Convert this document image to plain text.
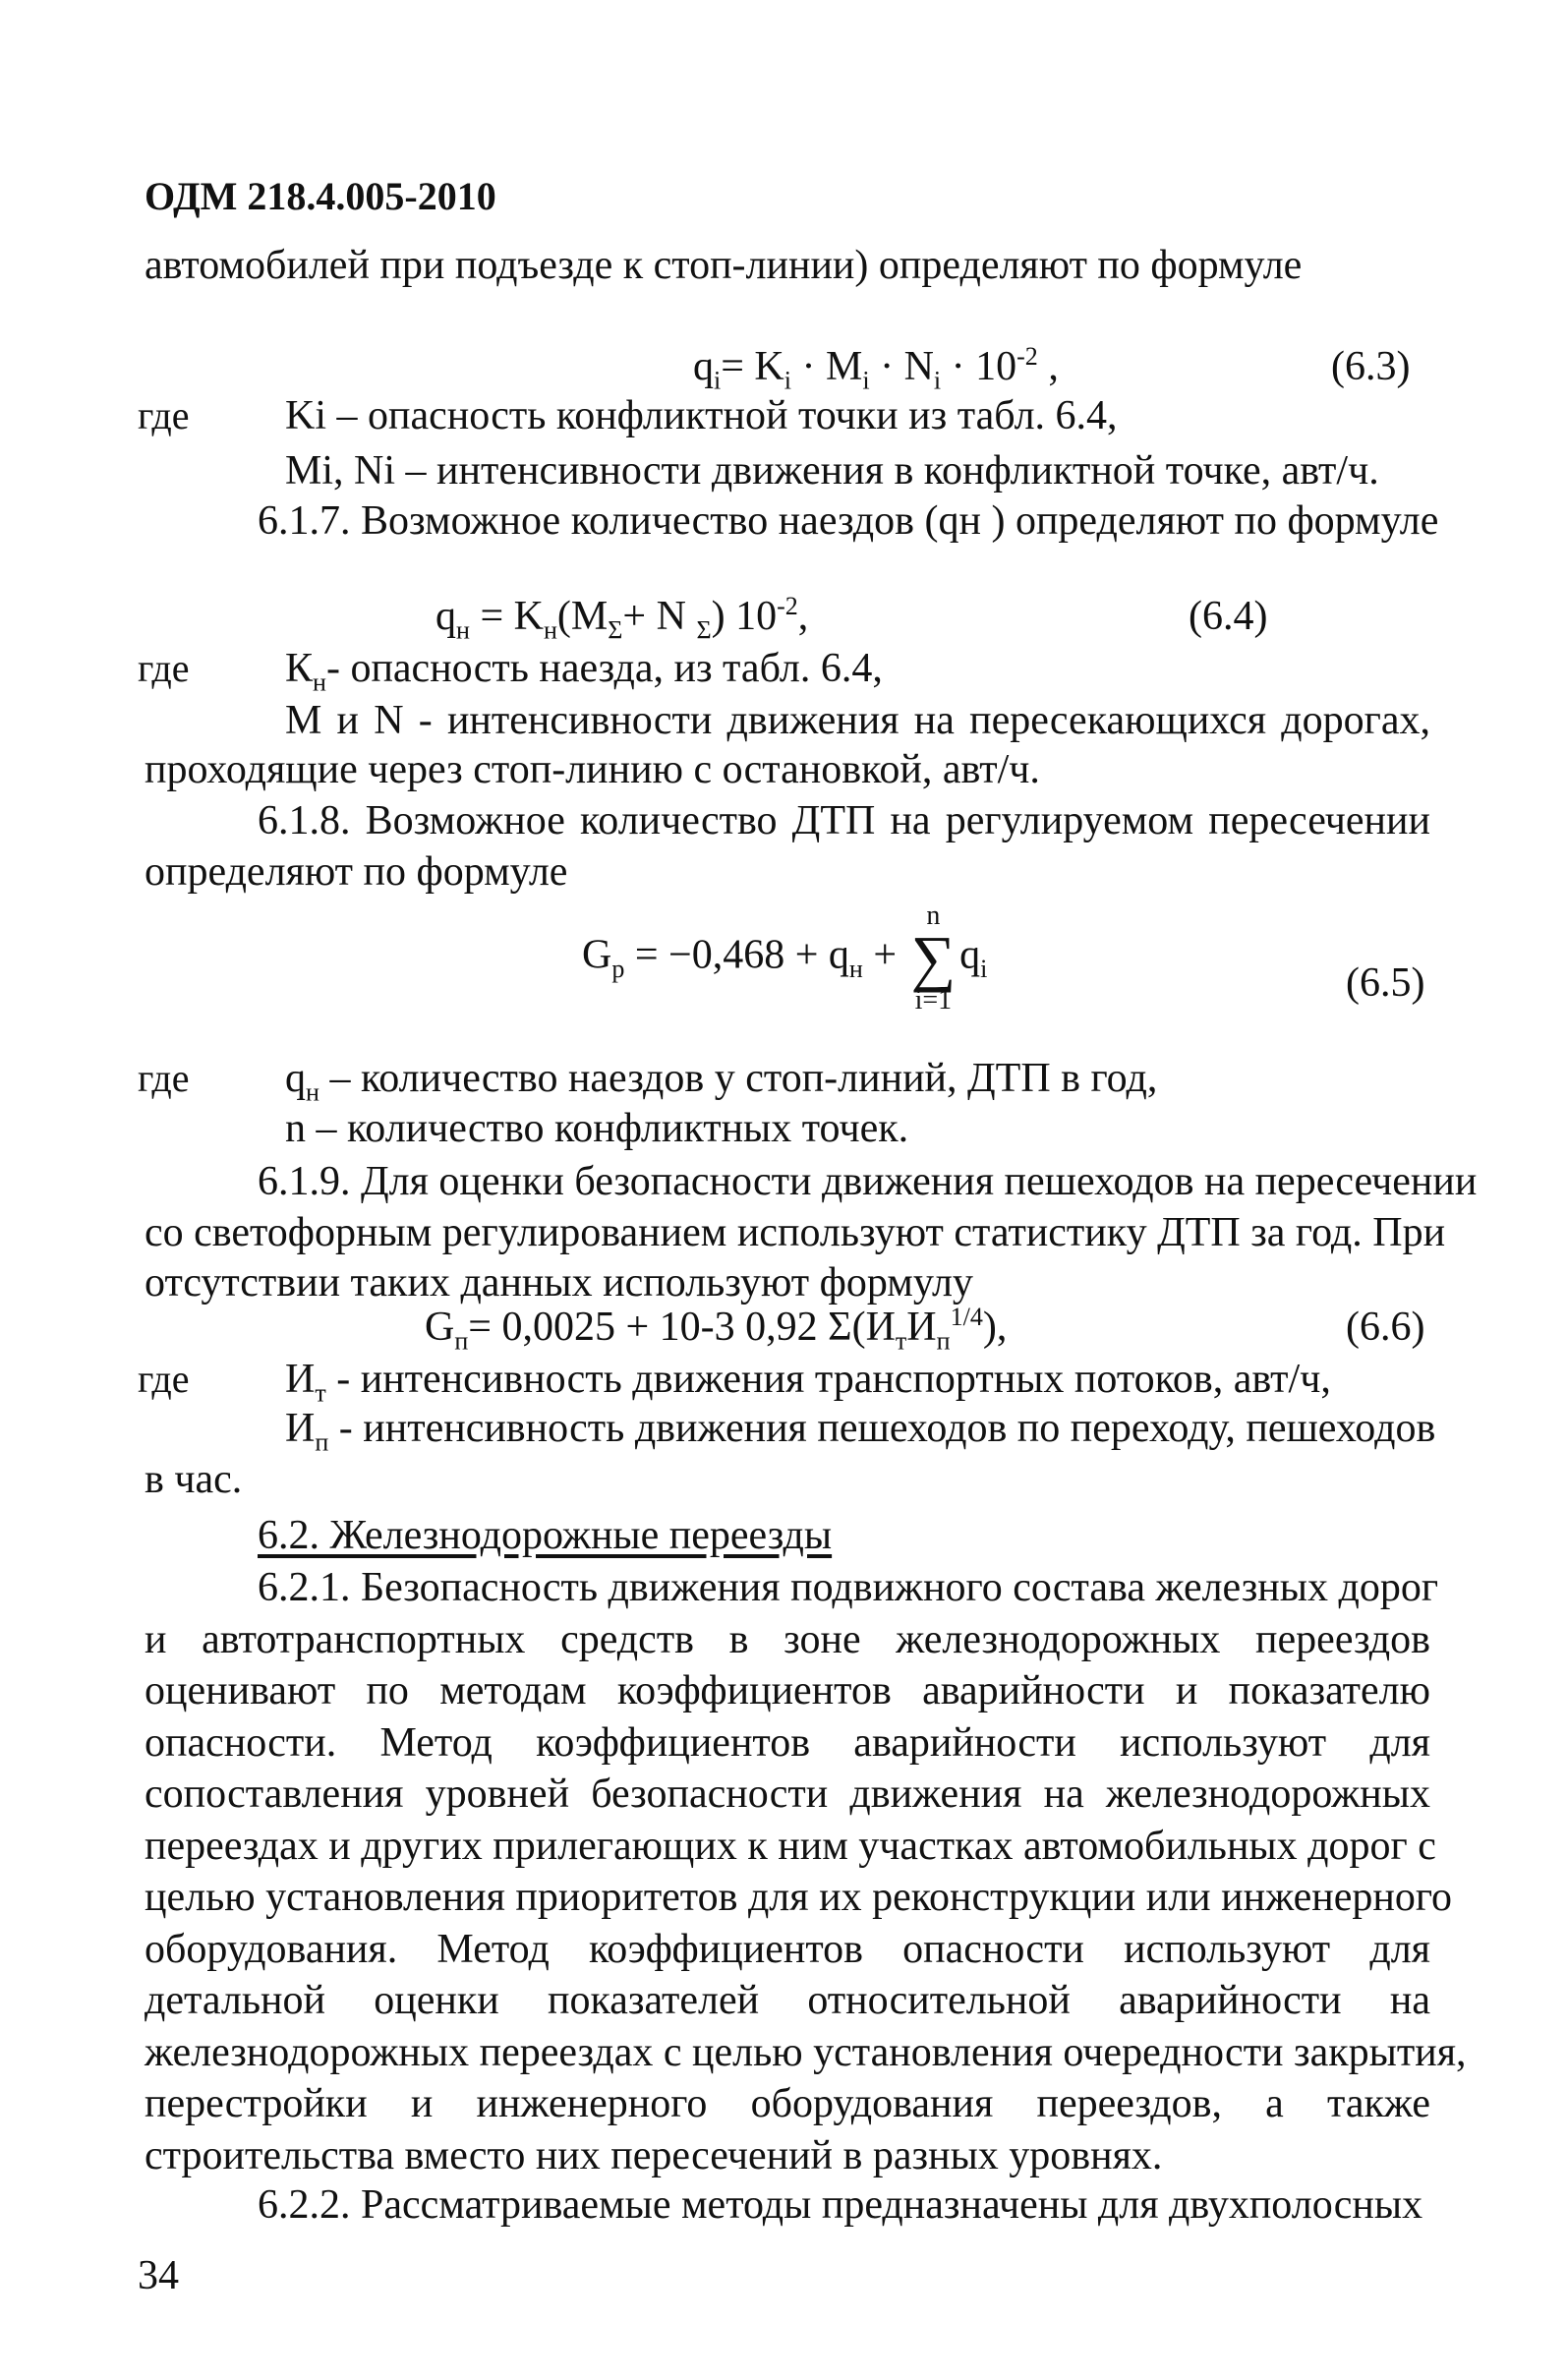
ОДМ 218.4.005-2010
автомобилей при подъезде к стоп-линии) определяют по формуле
$q_i= K_i \cdot M_i \cdot N_i \cdot 10^{-2}$ ,	(6.3)
где Ki – опасность конфликтной точки из табл. 6.4,
Mi, Ni – интенсивности движения в конфликтной точке, авт/ч.
6.1.7. Возможное количество наездов (qн ) определяют по формуле
$q_н = K_н(M_\Sigma+ N$ $_\Sigma$) $10^{-2}$,	(6.4)
где $К_н-$ опасность наезда, из табл. 6.4,
М и N - интенсивности движения на пересекающихся дорогах,
проходящие через стоп-линию с остановкой, авт/ч.
6.1.8. Возможное количество ДТП на регулируемом пересечении
определяют по формуле
$G_р = -0,468 + q_н$ +
n
∑
i=1
$q_i$	(6.5)
где $q_н$ – количество наездов у стоп-линий, ДТП в год,
n – количество конфликтных точек.
6.1.9. Для оценки безопасности движения пешеходов на пересечении
со светофорным регулированием используют статистику ДТП за год. При
отсутствии таких данных используют формулу
$G_п= 0,0025 + 10-3$ 0,92 $\Sigma(И_тИ_п^{1/4})$,	(6.6)
где $И_т$ - интенсивность движения транспортных потоков, авт/ч,
$И_п$ - интенсивность движения пешеходов по переходу, пешеходов
в час.
6.2. Железнодорожные переезды
6.2.1. Безопасность движения подвижного состава железных дорог
и автотранспортных средств в зоне железнодорожных переездов
оценивают по методам коэффициентов аварийности и показателю
опасности. Метод коэффициентов аварийности используют для
сопоставления уровней безопасности движения на железнодорожных
переездах и других прилегающих к ним участках автомобильных дорог с
целью установления приоритетов для их реконструкции или инженерного
оборудования. Метод коэффициентов опасности используют для
детальной оценки показателей относительной аварийности на
железнодорожных переездах с целью установления очередности закрытия,
перестройки и инженерного оборудования переездов, а также
строительства вместо них пересечений в разных уровнях.
6.2.2. Рассматриваемые методы предназначены для двухполосных
34
